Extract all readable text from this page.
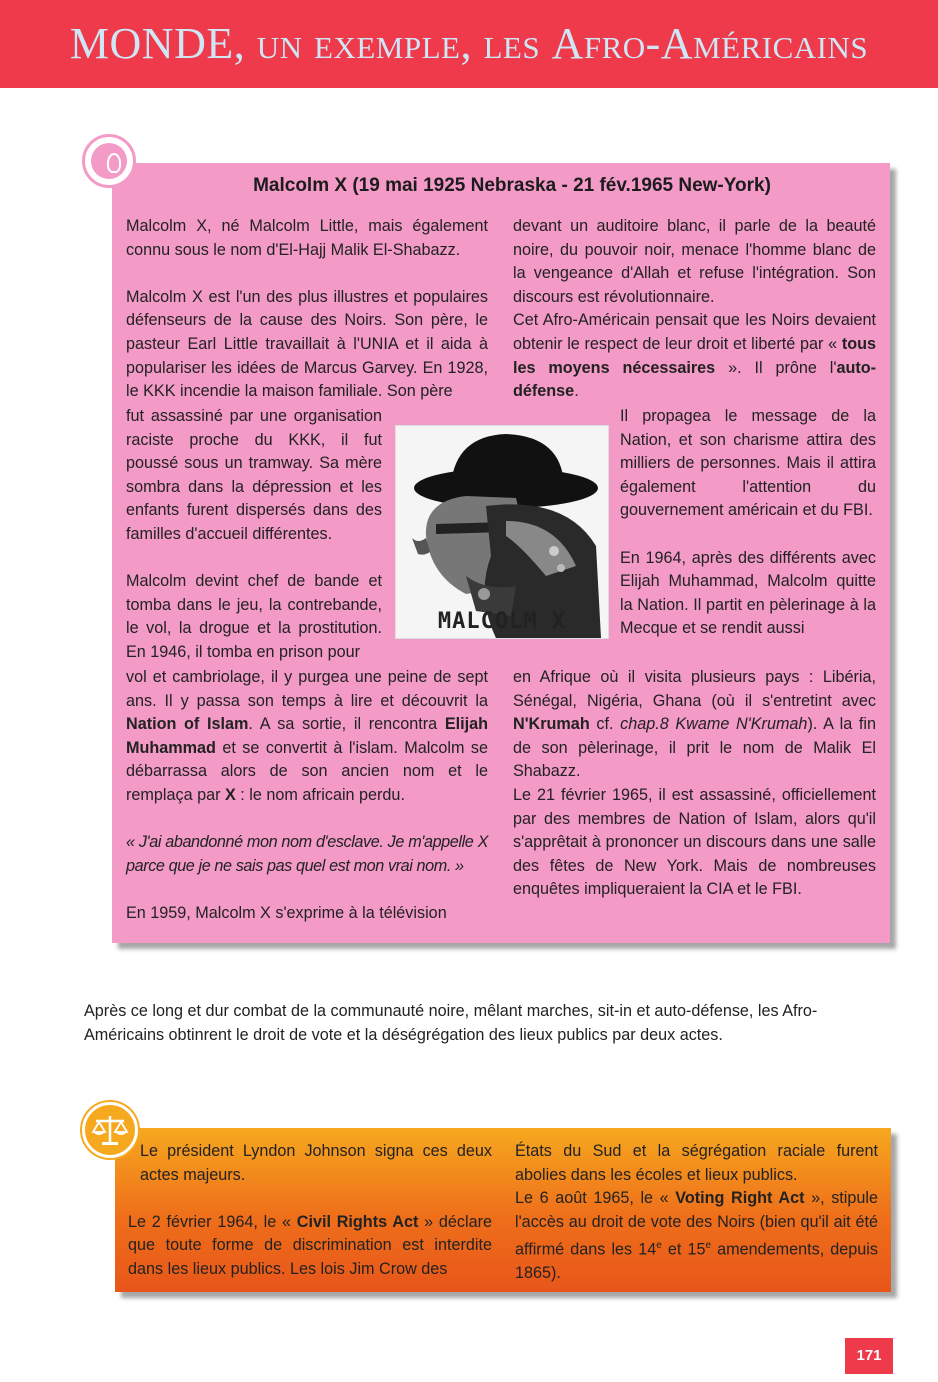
MONDE, un exemple, les Afro-Américains
Malcolm X (19 mai 1925 Nebraska - 21 fév.1965 New-York)
Malcolm X, né Malcolm Little, mais également connu sous le nom d'El-Hajj Malik El-Shabazz.
Malcolm X est l'un des plus illustres et populaires défenseurs de la cause des Noirs. Son père, le pasteur Earl Little travaillait à l'UNIA et il aida à populariser les idées de Marcus Garvey. En 1928, le KKK incendie la maison familiale. Son père
fut assassiné par une organisation raciste proche du KKK, il fut poussé sous un tramway. Sa mère sombra dans la dépression et les enfants furent dispersés dans des familles d'accueil différentes.
Malcolm devint chef de bande et tomba dans le jeu, la contrebande, le vol, la drogue et la prostitution. En 1946, il tomba en prison pour
vol et cambriolage, il y purgea une peine de sept ans. Il y passa son temps à lire et découvrit la Nation of Islam. A sa sortie, il rencontra Elijah Muhammad et se convertit à l'islam. Malcolm se débarrassa alors de son ancien nom et le remplaça par X : le nom africain perdu.
« J'ai abandonné mon nom d'esclave. Je m'appelle X parce que je ne sais pas quel est mon vrai nom. »
En 1959, Malcolm X s'exprime à la télévision
devant un auditoire blanc, il parle de la beauté noire, du pouvoir noir, menace l'homme blanc de la vengeance d'Allah et refuse l'intégration. Son discours est révolutionnaire.
Cet Afro-Américain pensait que les Noirs devaient obtenir le respect de leur droit et liberté par « tous les moyens nécessaires ». Il prône l'auto-défense.
Il propagea le message de la Nation, et son charisme attira des milliers de personnes. Mais il attira également l'attention du gouvernement américain et du FBI.
En 1964, après des différents avec Elijah Muhammad, Malcolm quitte la Nation. Il partit en pèlerinage à la Mecque et se rendit aussi
en Afrique où il visita plusieurs pays : Libéria, Sénégal, Nigéria, Ghana (où il s'entretint avec N'Krumah cf. chap.8 Kwame N'Krumah). A la fin de son pèlerinage, il prit le nom de Malik El Shabazz.
Le 21 février 1965, il est assassiné, officiellement par des membres de Nation of Islam, alors qu'il s'apprêtait à prononcer un discours dans une salle des fêtes de New York. Mais de nombreuses enquêtes impliqueraient la CIA et le FBI.
MALCOLM X
Après ce long et dur combat de la communauté noire, mêlant marches, sit-in et auto-défense, les Afro-Américains obtinrent le droit de vote et la déségrégation des lieux publics par deux actes.
Le président Lyndon Johnson signa ces deux actes majeurs.
Le 2 février 1964, le « Civil Rights Act » déclare que toute forme de discrimination est interdite dans les lieux publics. Les lois Jim Crow des
États du Sud et la ségrégation raciale furent abolies dans les écoles et lieux publics.
Le 6 août 1965, le « Voting Right Act », stipule l'accès au droit de vote des Noirs (bien qu'il ait été affirmé dans les 14e et 15e amendements, depuis 1865).
171
